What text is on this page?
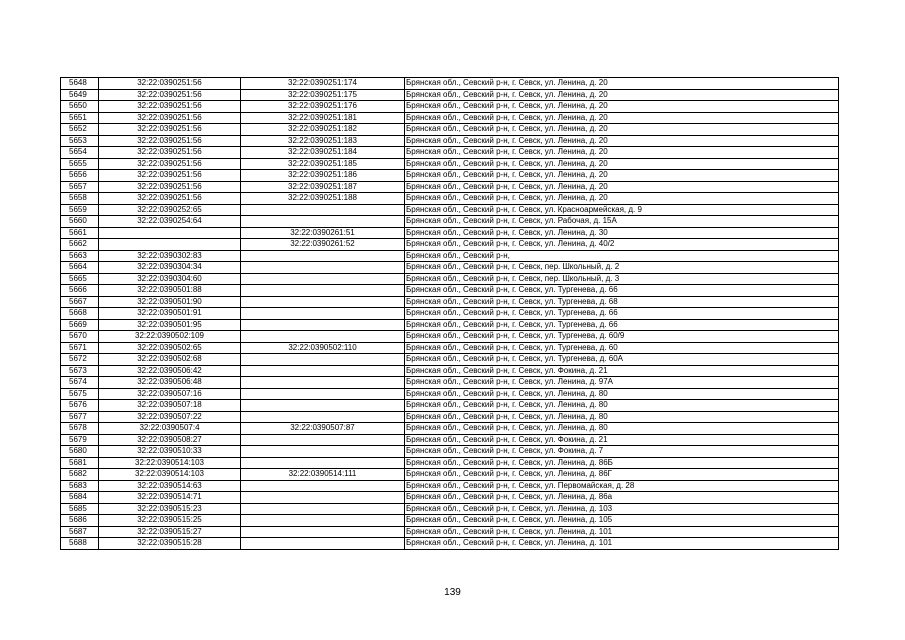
5648	32:22:0390251:56	32:22:0390251:174	Брянская обл., Севский р-н, г. Севск, ул. Ленина, д. 20
5649	32:22:0390251:56	32:22:0390251:175	Брянская обл., Севский р-н, г. Севск, ул. Ленина, д. 20
5650	32:22:0390251:56	32:22:0390251:176	Брянская обл., Севский р-н, г. Севск, ул. Ленина, д. 20
5651	32:22:0390251:56	32:22:0390251:181	Брянская обл., Севский р-н, г. Севск, ул. Ленина, д. 20
5652	32:22:0390251:56	32:22:0390251:182	Брянская обл., Севский р-н, г. Севск, ул. Ленина, д. 20
5653	32:22:0390251:56	32:22:0390251:183	Брянская обл., Севский р-н, г. Севск, ул. Ленина, д. 20
5654	32:22:0390251:56	32:22:0390251:184	Брянская обл., Севский р-н, г. Севск, ул. Ленина, д. 20
5655	32:22:0390251:56	32:22:0390251:185	Брянская обл., Севский р-н, г. Севск, ул. Ленина, д. 20
5656	32:22:0390251:56	32:22:0390251:186	Брянская обл., Севский р-н, г. Севск, ул. Ленина, д. 20
5657	32:22:0390251:56	32:22:0390251:187	Брянская обл., Севский р-н, г. Севск, ул. Ленина, д. 20
5658	32:22:0390251:56	32:22:0390251:188	Брянская обл., Севский р-н, г. Севск, ул. Ленина, д. 20
5659	32:22:0390252:65		Брянская обл., Севский р-н, г. Севск, ул. Красноармейская, д. 9
5660	32:22:0390254:64		Брянская обл., Севский р-н, г. Севск, ул. Рабочая, д. 15А
5661		32:22:0390261:51	Брянская обл., Севский р-н, г. Севск, ул. Ленина, д. 30
5662		32:22:0390261:52	Брянская обл., Севский р-н, г. Севск, ул. Ленина, д. 40/2
5663	32:22:0390302:83		Брянская обл., Севский р-н,
5664	32:22:0390304:34		Брянская обл., Севский р-н, г. Севск, пер. Школьный, д. 2
5665	32:22:0390304:60		Брянская обл., Севский р-н, г. Севск, пер. Школьный, д. 3
5666	32:22:0390501:88		Брянская обл., Севский р-н, г. Севск, ул. Тургенева, д. 66
5667	32:22:0390501:90		Брянская обл., Севский р-н, г. Севск, ул. Тургенева, д. 68
5668	32:22:0390501:91		Брянская обл., Севский р-н, г. Севск, ул. Тургенева, д. 66
5669	32:22:0390501:95		Брянская обл., Севский р-н, г. Севск, ул. Тургенева, д. 66
5670	32:22:0390502:109		Брянская обл., Севский р-н, г. Севск, ул. Тургенева, д. 60/9
5671	32:22:0390502:65	32:22:0390502:110	Брянская обл., Севский р-н, г. Севск, ул. Тургенева, д. 60
5672	32:22:0390502:68		Брянская обл., Севский р-н, г. Севск, ул. Тургенева, д. 60А
5673	32:22:0390506:42		Брянская обл., Севский р-н, г. Севск, ул. Фокина, д. 21
5674	32:22:0390506:48		Брянская обл., Севский р-н, г. Севск, ул. Ленина, д. 97А
5675	32:22:0390507:16		Брянская обл., Севский р-н, г. Севск, ул. Ленина, д. 80
5676	32:22:0390507:18		Брянская обл., Севский р-н, г. Севск, ул. Ленина, д. 80
5677	32:22:0390507:22		Брянская обл., Севский р-н, г. Севск, ул. Ленина, д. 80
5678	32:22:0390507:4	32:22:0390507:87	Брянская обл., Севский р-н, г. Севск, ул. Ленина, д. 80
5679	32:22:0390508:27		Брянская обл., Севский р-н, г. Севск, ул. Фокина, д. 21
5680	32:22:0390510:33		Брянская обл., Севский р-н, г. Севск, ул. Фокина, д. 7
5681	32:22:0390514:103		Брянская обл., Севский р-н, г. Севск, ул. Ленина, д. 86Б
5682	32:22:0390514:103	32:22:0390514:111	Брянская обл., Севский р-н, г. Севск, ул. Ленина, д. 86Г
5683	32:22:0390514:63		Брянская обл., Севский р-н, г. Севск, ул. Первомайская, д. 28
5684	32:22:0390514:71		Брянская обл., Севский р-н, г. Севск, ул. Ленина, д. 86а
5685	32:22:0390515:23		Брянская обл., Севский р-н, г. Севск, ул. Ленина, д. 103
5686	32:22:0390515:25		Брянская обл., Севский р-н, г. Севск, ул. Ленина, д. 105
5687	32:22:0390515:27		Брянская обл., Севский р-н, г. Севск, ул. Ленина, д. 101
5688	32:22:0390515:28		Брянская обл., Севский р-н, г. Севск, ул. Ленина, д. 101
139
